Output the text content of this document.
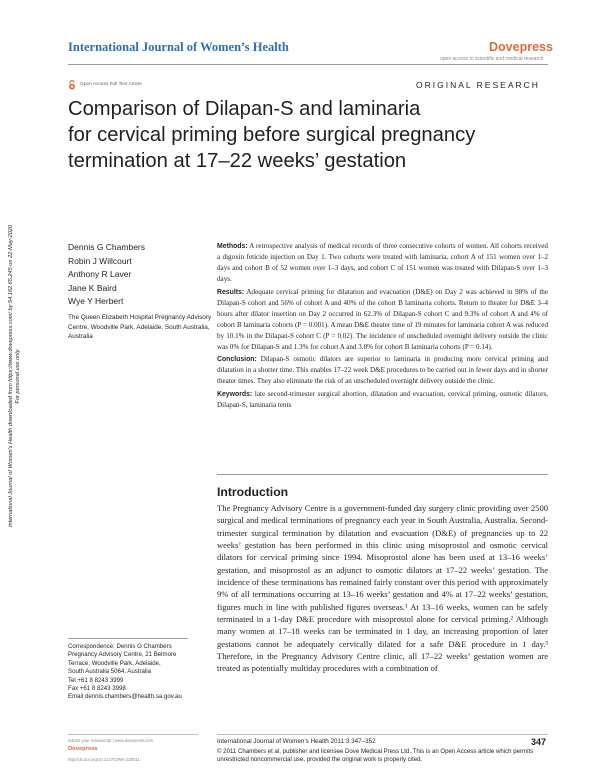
International Journal of Women’s Health	Dovepress
open access to scientific and medical research
Open Access Full Text Article	ORIGINAL RESEARCH
Comparison of Dilapan-S and laminaria
for cervical priming before surgical pregnancy
termination at 17–22 weeks’ gestation
International Journal of Women's Health downloaded from https://www.dovepress.com/ by 54.162.65.245 on 22-May-2020 For personal use only.
Dennis G Chambers
Robin J Willcourt
Anthony R Laver
Jane K Baird
Wye Y Herbert
The Queen Elizabeth Hospital Pregnancy Advisory Centre, Woodville Park, Adelaide, South Australia, Australia

Methods: A retrospective analysis of medical records of three consecutive cohorts of women. All cohorts received a digoxin feticide injection on Day 1. Two cohorts were treated with laminaria, cohort A of 151 women over 1–2 days and cohort B of 52 women over 1–3 days, and cohort C of 151 women was treated with Dilapan-S over 1–3 days.

Results: Adequate cervical priming for dilatation and evacuation (D&E) on Day 2 was achieved in 98% of the Dilapan-S cohort and 56% of cohort A and 40% of the cohort B laminaria cohorts. Return to theater for D&E 3–4 hours after dilator insertion on Day 2 occurred in 62.3% of Dilapan-S cohort C and 9.3% of cohort A and 4% of cohort B laminaria cohorts (P = 0.001). A mean D&E theater time of 19 minutes for laminaria cohort A was reduced by 10.1% in the Dilapan-S cohort C (P = 0.02). The incidence of unscheduled overnight delivery outside the clinic was 0% for Dilapan-S and 1.3% for cohort A and 3.8% for cohort B laminaria cohorts (P = 0.14).

Conclusion: Dilapan-S osmotic dilators are superior to laminaria in producing more cervical priming and dilatation in a shorter time. This enables 17–22 week D&E procedures to be carried out in fewer days and in shorter theater times. They also eliminate the risk of an unscheduled overnight delivery outside the clinic.

Keywords: late second-trimester surgical abortion, dilatation and evacuation, cervical priming, osmotic dilators, Dilapan-S, laminaria tents

Introduction

The Pregnancy Advisory Centre is a government-funded day surgery clinic providing over 2500 surgical and medical terminations of pregnancy each year in South Australia, Australia. Second-trimester surgical termination by dilatation and evacuation (D&E) of pregnancies up to 22 weeks’ gestation has been performed in this clinic using misoprostol and osmotic cervical dilators for cervical priming since 1994. Misoprostol alone has been used at 13–16 weeks’ gestation, and misoprostol as an adjunct to osmotic dilators at 17–22 weeks’ gestation. The incidence of these terminations has remained fairly constant over this period with approximately 9% of all terminations occurring at 13–16 weeks’ gestation and 4% at 17–22 weeks’ gestation, figures much in line with published figures overseas.¹ At 13–16 weeks, women can be safely terminated in a 1-day D&E procedure with misoprostol alone for cervical priming.² Although many women at 17–18 weeks can be terminated in 1 day, an increasing proportion of later gestations cannot be adequately cervically dilated for a safe D&E procedure in 1 day.³ Therefore, in the Pregnancy Advisory Centre clinic, all 17–22 weeks’ gestation women are treated as potentially multiday procedures with a combination of

Correspondence: Dennis G Chambers
Pregnancy Advisory Centre, 21 Belmore
Terrace, Woodville Park, Adelaide,
South Australia 5064, Australia
Tel +61 8 8243 3999
Fax +61 8 8243 3998
Email dennis.chambers@health.sa.gov.au
submit your manuscript | www.dovepress.com
Dovepress
http://dx.doi.org/10.2147/IJWH.S20011
International Journal of Women’s Health 2011:3 347–352	347
© 2011 Chambers et al, publisher and licensee Dove Medical Press Ltd. This is an Open Access article which permits unrestricted noncommercial use, provided the original work is properly cited.
